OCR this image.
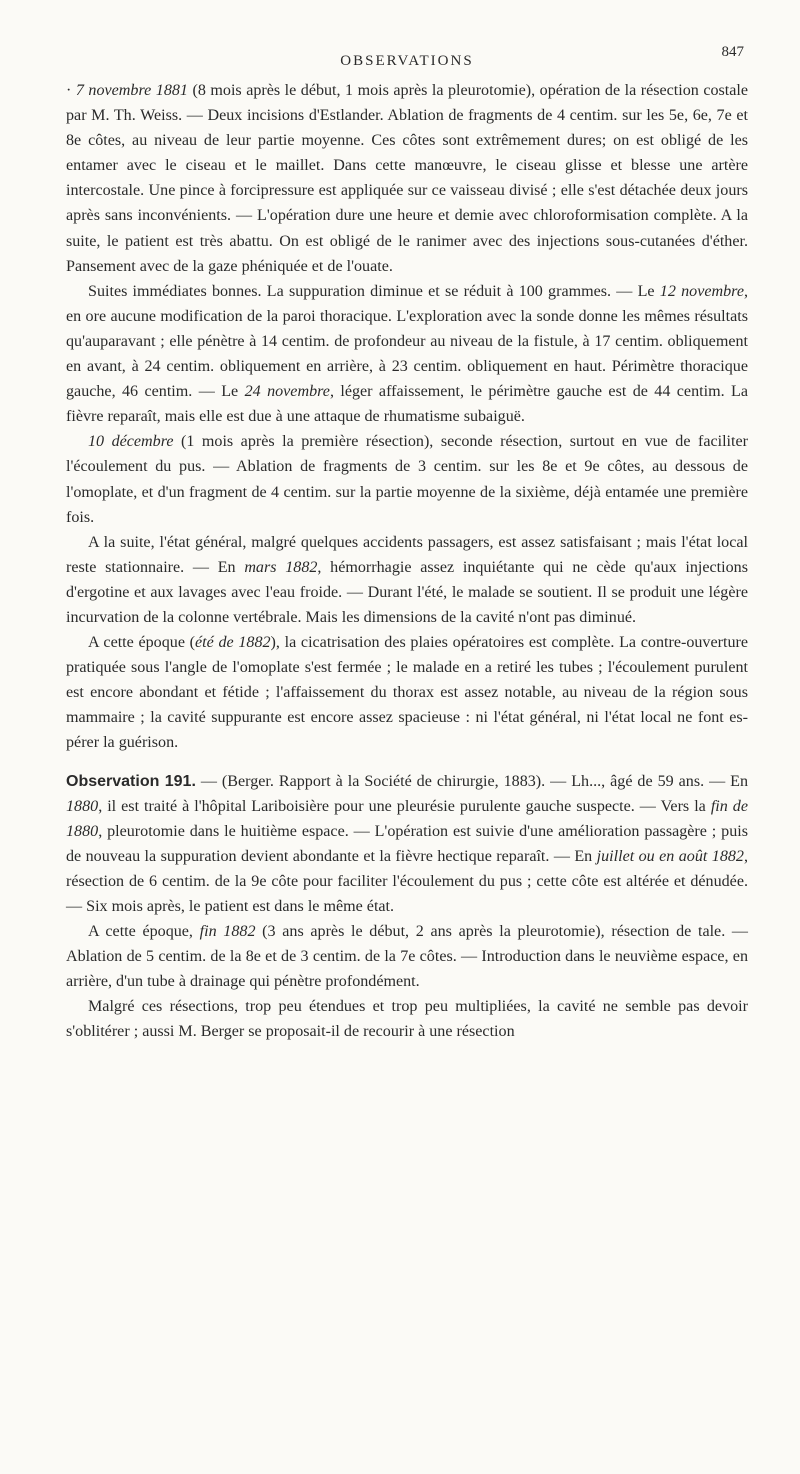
OBSERVATIONS
847

· 7 novembre 1881 (8 mois après le début, 1 mois après la pleurotomie), opération de la résection costale par M. Th. Weiss. — Deux incisions d'Estlander. Ablation de fragments de 4 centim. sur les 5e, 6e, 7e et 8e côtes, au niveau de leur partie moyenne. Ces côtes sont extrêmement dures; on est obligé de les entamer avec le ciseau et le maillet. Dans cette manœuvre, le ciseau glisse et blesse une artère intercostale. Une pince à forcipressure est appliquée sur ce vaisseau divisé ; elle s'est détachée deux jours après sans inconvénients. — L'opération dure une heure et demie avec chloroformisation complète. A la suite, le patient est très abattu. On est obligé de le ranimer avec des injections sous-cutanées d'éther. Pansement avec de la gaze phéniquée et de l'ouate.

Suites immédiates bonnes. La suppuration diminue et se réduit à 100 grammes. — Le 12 novembre, en ore aucune modification de la paroi thoracique. L'exploration avec la sonde donne les mêmes résultats qu'auparavant ; elle pénètre à 14 centim. de profondeur au niveau de la fistule, à 17 centim. obliquement en avant, à 24 centim. obliquement en arrière, à 23 centim. obliquement en haut. Périmètre thoracique gauche, 46 centim. — Le 24 novembre, léger affaissement, le périmètre gauche est de 44 centim. La fièvre reparaît, mais elle est due à une attaque de rhumatisme subaiguë.

10 décembre (1 mois après la première résection), seconde résection, surtout en vue de faciliter l'écoulement du pus. — Ablation de fragments de 3 centim. sur les 8e et 9e côtes, au dessous de l'omoplate, et d'un fragment de 4 centim. sur la partie moyenne de la sixième, déjà entamée une première fois.

A la suite, l'état général, malgré quelques accidents passagers, est assez satisfaisant ; mais l'état local reste stationnaire. — En mars 1882, hémorrhagie assez inquiétante qui ne cède qu'aux injections d'ergotine et aux lavages avec l'eau froide. — Durant l'été, le malade se soutient. Il se produit une légère incurvation de la colonne vertébrale. Mais les dimensions de la cavité n'ont pas diminué.

A cette époque (été de 1882), la cicatrisation des plaies opératoires est complète. La contre-ouverture pratiquée sous l'angle de l'omoplate s'est fermée ; le malade en a retiré les tubes ; l'écoulement purulent est encore abondant et fétide ; l'affaissement du thorax est assez notable, au niveau de la région sous mammaire ; la cavité suppurante est encore assez spacieuse : ni l'état général, ni l'état local ne font espérer la guérison.

Observation 191. — (Berger. Rapport à la Société de chirurgie, 1883). — Lh..., âgé de 59 ans. — En 1880, il est traité à l'hôpital Lariboisière pour une pleurésie purulente gauche suspecte. — Vers la fin de 1880, pleurotomie dans le huitième espace. — L'opération est suivie d'une amélioration passagère ; puis de nouveau la suppuration devient abondante et la fièvre hectique reparaît. — En juillet ou en août 1882, résection de 6 centim. de la 9e côte pour faciliter l'écoulement du pus ; cette côte est altérée et dénudée. — Six mois après, le patient est dans le même état.

A cette époque, fin 1882 (3 ans après le début, 2 ans après la pleurotomie), résection de tale. — Ablation de 5 centim. de la 8e et de 3 centim. de la 7e côtes. — Introduction dans le neuvième espace, en arrière, d'un tube à drainage qui pénètre profondément.

Malgré ces résections, trop peu étendues et trop peu multipliées, la cavité ne semble pas devoir s'oblitérer ; aussi M. Berger se proposait-il de recourir à une résection
